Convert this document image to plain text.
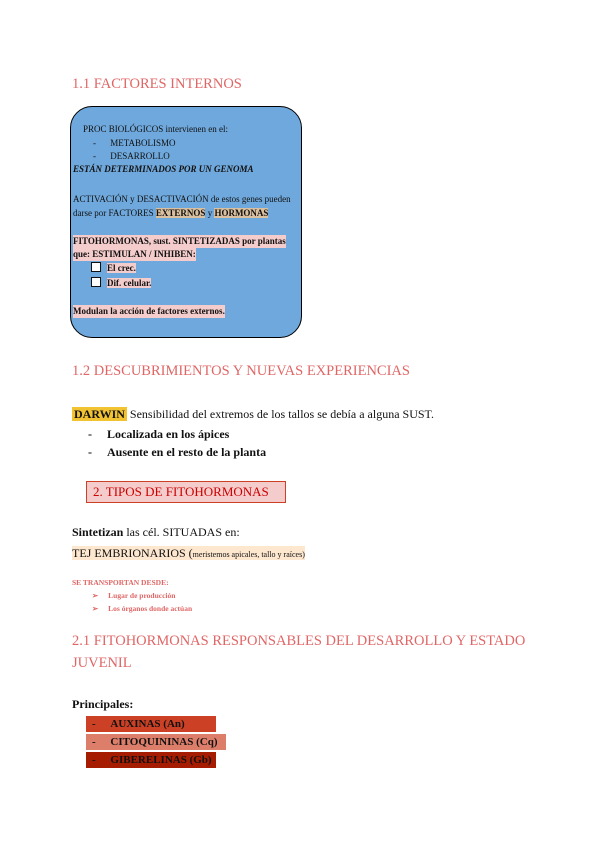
1.1 FACTORES INTERNOS
PROC BIOLÓGICOS intervienen en el:
- METABOLISMO
- DESARROLLO
ESTÁN DETERMINADOS POR UN GENOMA
ACTIVACIÓN y DESACTIVACIÓN de estos genes pueden
darse por FACTORES EXTERNOS y HORMONAS
FITOHORMONAS, sust. SINTETIZADAS por plantas
que: ESTIMULAN / INHIBEN:
El crec.
Dif. celular.
Modulan la acción de factores externos.
1.2 DESCUBRIMIENTOS Y NUEVAS EXPERIENCIAS
DARWIN Sensibilidad del extremos de los tallos se debía a alguna SUST.
- Localizada en los ápices
- Ausente en el resto de la planta
2. TIPOS DE FITOHORMONAS
Sintetizan las cél. SITUADAS en:
TEJ EMBRIONARIOS (meristemos apicales, tallo y raíces)
SE TRANSPORTAN DESDE:
➢ Lugar de producción
➢ Los órganos donde actúan
2.1 FITOHORMONAS RESPONSABLES DEL DESARROLLO Y ESTADO
JUVENIL
Principales:
- AUXINAS (An)
- CITOQUININAS (Cq)
- GIBERELINAS (Gb)
